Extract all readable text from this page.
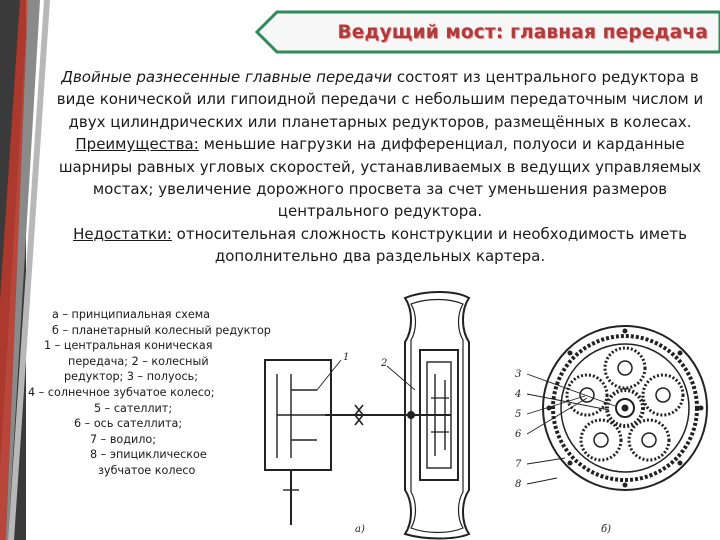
Ведущий мост: главная передача

Двойные разнесенные главные передачи состоят из центрального редуктора в виде конической или гипоидной передачи с небольшим передаточным числом и двух цилиндрических или планетарных редукторов, размещённых в колесах.

Преимущества: меньшие нагрузки на дифференциал, полуоси и карданные шарниры равных угловых скоростей, устанавливаемых в ведущих управляемых мостах; увеличение дорожного просвета за счет уменьшения размеров центрального редуктора.

Недостатки: относительная сложность конструкции и необходимость иметь дополнительно два раздельных картера.

а – принципиальная схема
б – планетарный колесный редуктор
1 – центральная коническая
передача; 2 – колесный
редуктор; 3 – полуось;
4 – солнечное зубчатое колесо;
5 – сателлит;
6 – ось сателлита;
7 – водило;
8 – эпициклическое
зубчатое колесо
1
2
а)
3
4
5
6
7
8
б)
